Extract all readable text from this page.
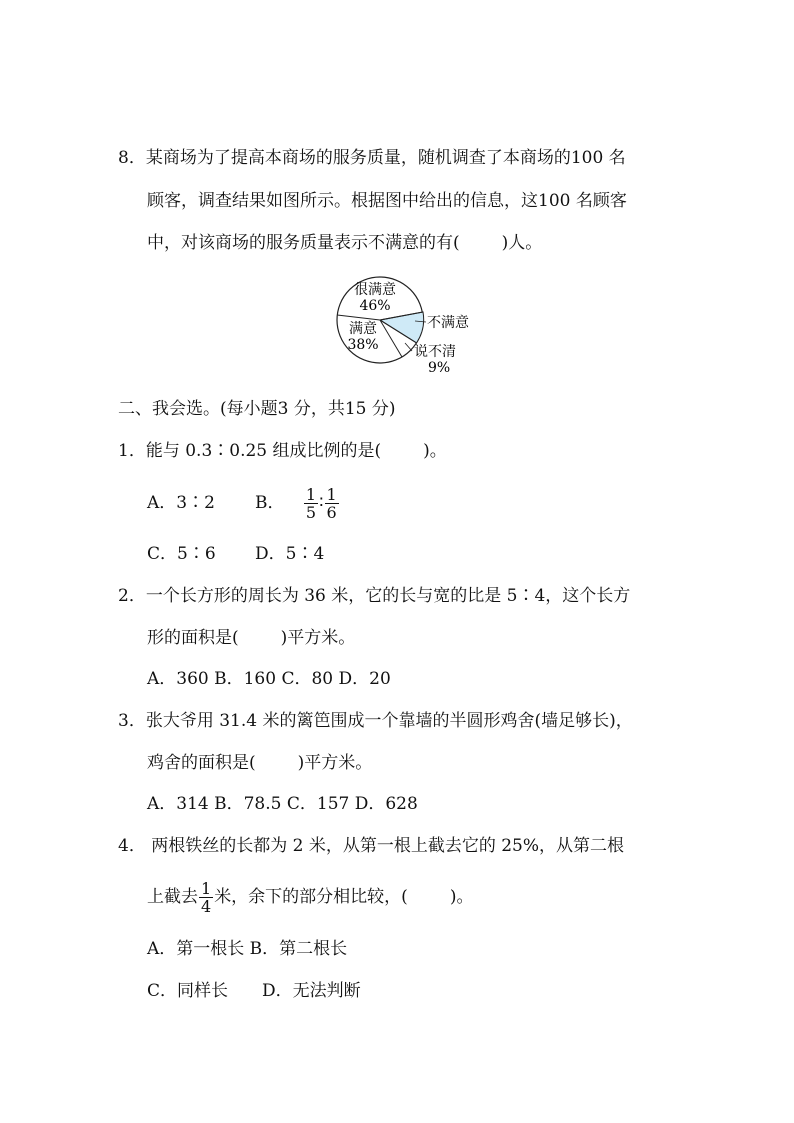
8．某商场为了提高本商场的服务质量，随机调查了本商场的100 名
顾客，调查结果如图所示。根据图中给出的信息，这100 名顾客
中，对该商场的服务质量表示不满意的有( )人。
很满意
46%
满意
38%
不满意
说不清
9%
二、我会选。(每小题3 分，共15 分)
1．能与 0.3∶0.25 组成比例的是( )。
A．3∶2 B． $\frac{1}{5}$ ∶ $\frac{1}{6}$
C．5∶6 D．5∶4
2．一个长方形的周长为 36 米，它的长与宽的比是 5∶4，这个长方
形的面积是( )平方米。
A．360 B．160 C．80 D．20
3．张大爷用 31.4 米的篱笆围成一个靠墙的半圆形鸡舍(墙足够长)，
鸡舍的面积是( )平方米。
A．314 B．78.5 C．157 D．628
4． 两根铁丝的长都为 2 米，从第一根上截去它的 25%，从第二根
上截去 $\frac{1}{4}$ 米，余下的部分相比较，( )。
A．第一根长 B．第二根长
C．同样长 D．无法判断
